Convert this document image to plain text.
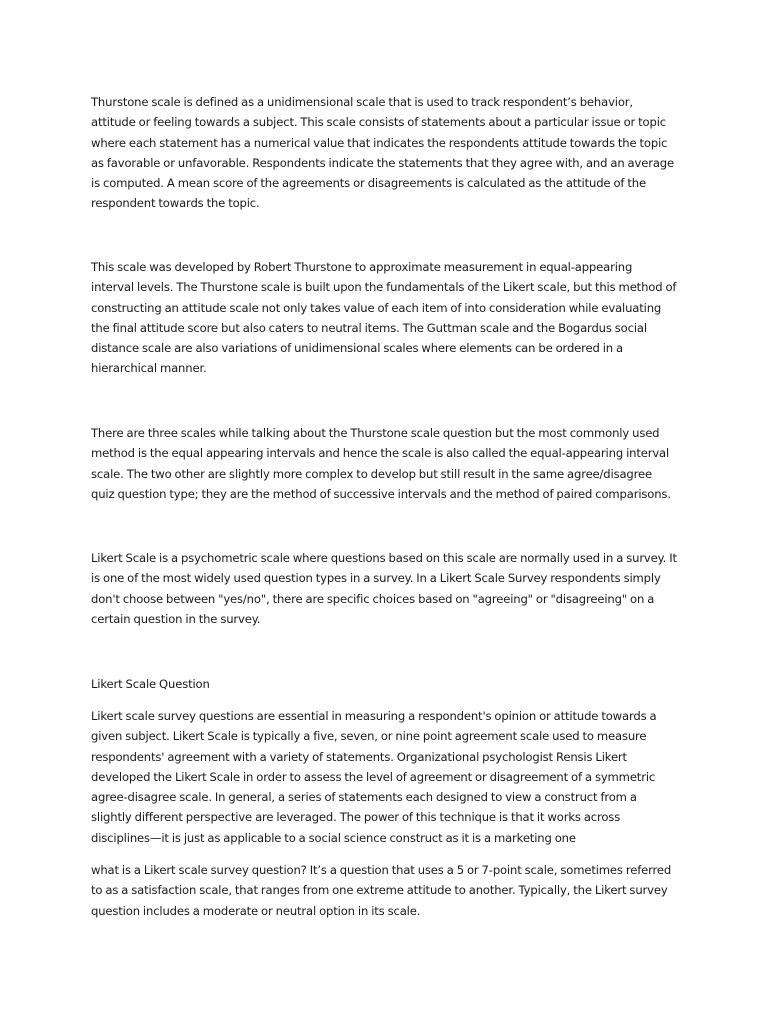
Thurstone scale is defined as a unidimensional scale that is used to track respondent’s behavior, attitude or feeling towards a subject. This scale consists of statements about a particular issue or topic where each statement has a numerical value that indicates the respondents attitude towards the topic as favorable or unfavorable. Respondents indicate the statements that they agree with, and an average is computed. A mean score of the agreements or disagreements is calculated as the attitude of the respondent towards the topic.

This scale was developed by Robert Thurstone to approximate measurement in equal-appearing interval levels. The Thurstone scale is built upon the fundamentals of the Likert scale, but this method of constructing an attitude scale not only takes value of each item of into consideration while evaluating the final attitude score but also caters to neutral items. The Guttman scale and the Bogardus social distance scale are also variations of unidimensional scales where elements can be ordered in a hierarchical manner.

There are three scales while talking about the Thurstone scale question but the most commonly used method is the equal appearing intervals and hence the scale is also called the equal-appearing interval scale. The two other are slightly more complex to develop but still result in the same agree/disagree quiz question type; they are the method of successive intervals and the method of paired comparisons.

Likert Scale is a psychometric scale where questions based on this scale are normally used in a survey. It is one of the most widely used question types in a survey. In a Likert Scale Survey respondents simply don't choose between "yes/no", there are specific choices based on "agreeing" or "disagreeing" on a certain question in the survey.

Likert Scale Question

Likert scale survey questions are essential in measuring a respondent's opinion or attitude towards a given subject. Likert Scale is typically a five, seven, or nine point agreement scale used to measure respondents' agreement with a variety of statements. Organizational psychologist Rensis Likert developed the Likert Scale in order to assess the level of agreement or disagreement of a symmetric agree-disagree scale. In general, a series of statements each designed to view a construct from a slightly different perspective are leveraged. The power of this technique is that it works across disciplines—it is just as applicable to a social science construct as it is a marketing one

what is a Likert scale survey question? It’s a question that uses a 5 or 7-point scale, sometimes referred to as a satisfaction scale, that ranges from one extreme attitude to another. Typically, the Likert survey question includes a moderate or neutral option in its scale.
